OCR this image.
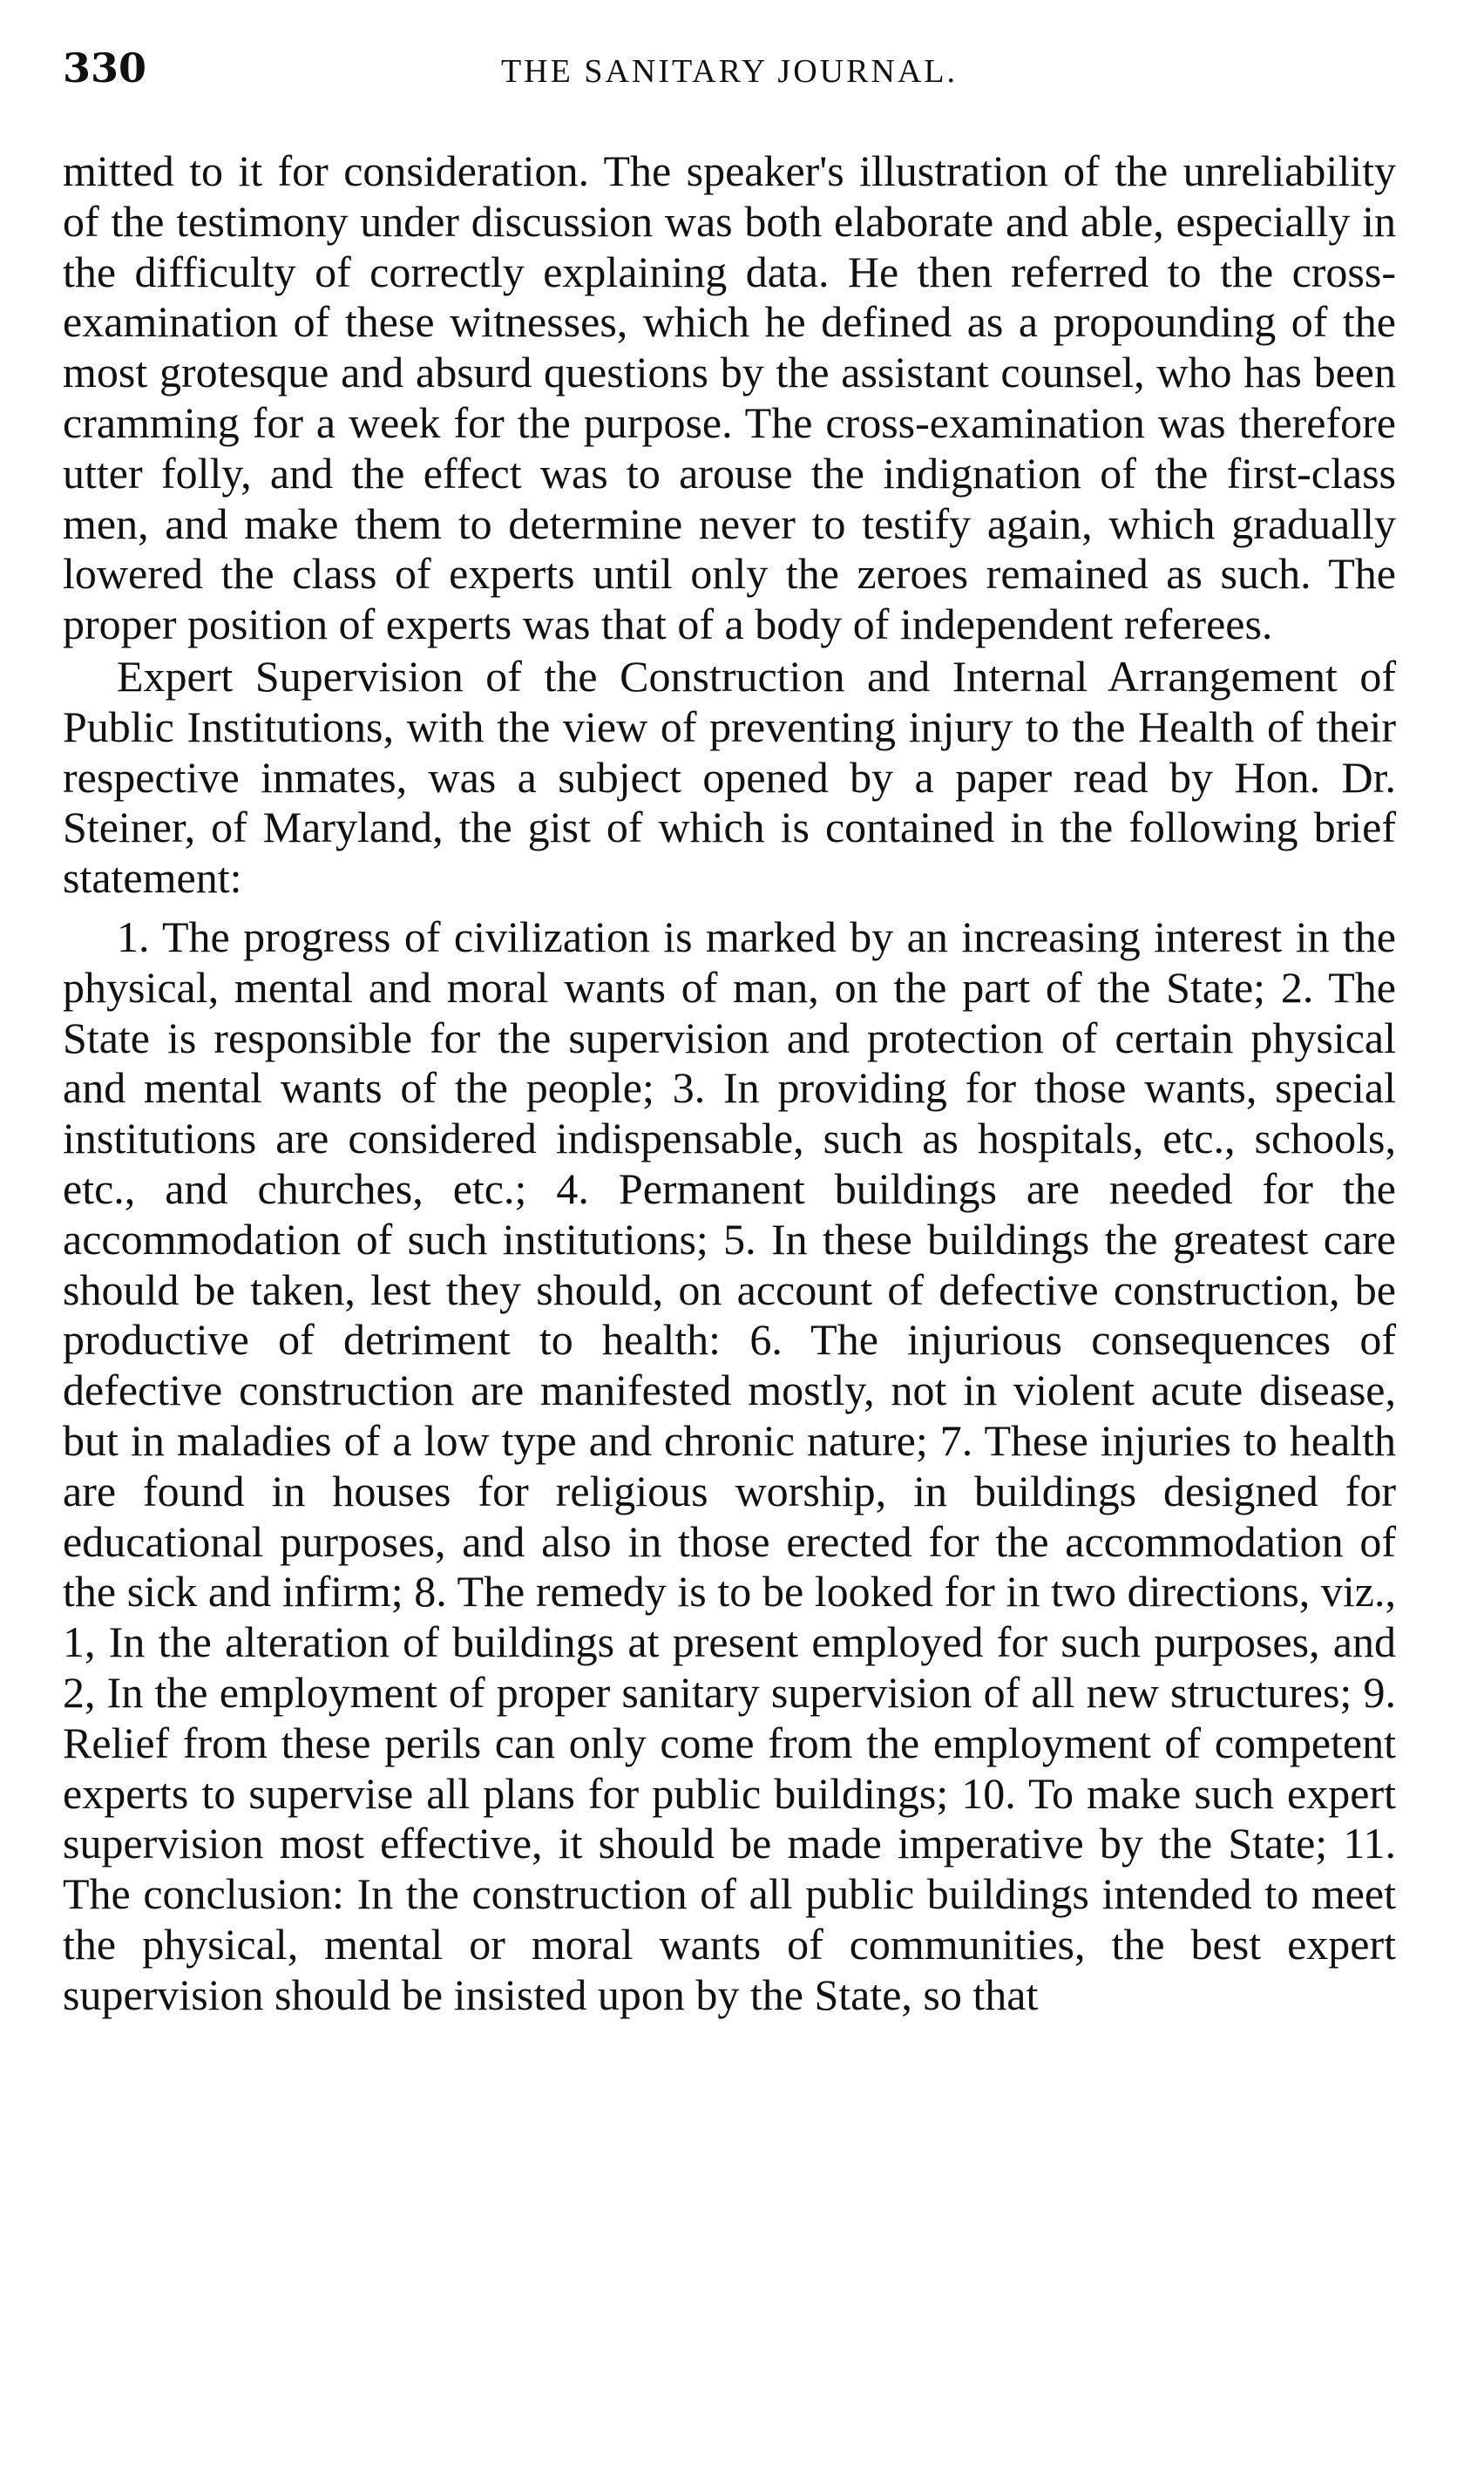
330	THE SANITARY JOURNAL.

mitted to it for consideration. The speaker's illustration of the unreliability of the testimony under discussion was both elaborate and able, especially in the difficulty of correctly explaining data. He then referred to the cross-examination of these witnesses, which he defined as a propounding of the most grotesque and absurd questions by the assistant counsel, who has been cramming for a week for the purpose. The cross-examination was therefore utter folly, and the effect was to arouse the indignation of the first-class men, and make them to determine never to testify again, which gradually lowered the class of experts until only the zeroes remained as such. The proper position of experts was that of a body of independent referees.

Expert Supervision of the Construction and Internal Arrangement of Public Institutions, with the view of preventing injury to the Health of their respective inmates, was a subject opened by a paper read by Hon. Dr. Steiner, of Maryland, the gist of which is contained in the following brief statement:

1. The progress of civilization is marked by an increasing interest in the physical, mental and moral wants of man, on the part of the State; 2. The State is responsible for the supervision and protection of certain physical and mental wants of the people; 3. In providing for those wants, special institutions are considered indispensable, such as hospitals, etc., schools, etc., and churches, etc.; 4. Permanent buildings are needed for the accommodation of such institutions; 5. In these buildings the greatest care should be taken, lest they should, on account of defective construction, be productive of detriment to health: 6. The injurious consequences of defective construction are manifested mostly, not in violent acute disease, but in maladies of a low type and chronic nature; 7. These injuries to health are found in houses for religious worship, in buildings designed for educational purposes, and also in those erected for the accommodation of the sick and infirm; 8. The remedy is to be looked for in two directions, viz., 1, In the alteration of buildings at present employed for such purposes, and 2, In the employment of proper sanitary supervision of all new structures; 9. Relief from these perils can only come from the employment of competent experts to supervise all plans for public buildings; 10. To make such expert supervision most effective, it should be made imperative by the State; 11. The conclusion: In the construction of all public buildings intended to meet the physical, mental or moral wants of communities, the best expert supervision should be insisted upon by the State, so that
